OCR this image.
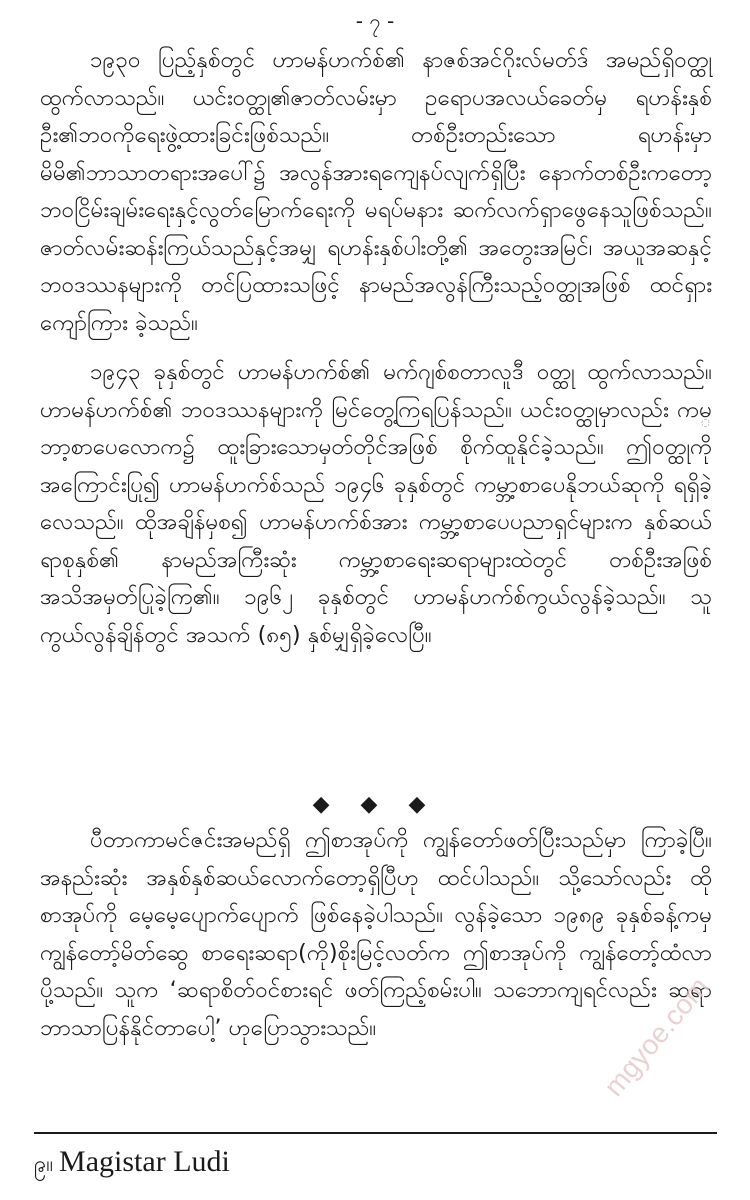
- ၇ -

၁၉၃၀ ပြည့်နှစ်တွင် ဟာမန်ဟက်စ်၏ နာဇစ်အင်ဂိုးလ်မတ်ဒ် အမည်ရှိဝတ္ထု ထွက်လာသည်။ ယင်းဝတ္ထု၏ဇာတ်လမ်းမှာ ဥရောပအလယ်ခေတ်မှ ရဟန်းနှစ်ဦး၏ဘဝကိုရေးဖွဲ့ထားခြင်းဖြစ်သည်။ တစ်ဦးတည်းသော ရဟန်းမှာ မိမိ၏ဘာသာတရားအပေါ်၌ အလွန်အားရကျေနပ်လျက်ရှိပြီး နောက်တစ်ဦးကတော့ ဘဝငြိမ်းချမ်းရေးနှင့်လွတ်မြောက်ရေးကို မရပ်မနား ဆက်လက်ရှာဖွေနေသူဖြစ်သည်။ ဇာတ်လမ်းဆန်းကြယ်သည်နှင့်အမျှ ရဟန်းနှစ်ပါးတို့၏ အတွေးအမြင်၊ အယူအဆနှင့် ဘဝဒဿနများကို တင်ပြထားသဖြင့် နာမည်အလွန်ကြီးသည့်ဝတ္ထုအဖြစ် ထင်ရှားကျော်ကြား ခဲ့သည်။

၁၉၄၃ ခုနှစ်တွင် ဟာမန်ဟက်စ်၏ မက်ဂျစ်စတာလူဒီ ဝတ္ထု ထွက်လာသည်။ ဟာမန်ဟက်စ်၏ ဘဝဒဿနများကို မြင်တွေ့ကြရပြန်သည်။ ယင်းဝတ္ထုမှာလည်း ကမ္ဘာ့စာပေလောက၌ ထူးခြားသောမှတ်တိုင်အဖြစ် စိုက်ထူနိုင်ခဲ့သည်။ ဤဝတ္ထုကိုအကြောင်းပြု၍ ဟာမန်ဟက်စ်သည် ၁၉၄၆ ခုနှစ်တွင် ကမ္ဘာ့စာပေနိုဘယ်ဆုကို ရရှိခဲ့လေသည်။ ထိုအချိန်မှစ၍ ဟာမန်ဟက်စ်အား ကမ္ဘာ့စာပေပညာရှင်များက နှစ်ဆယ်ရာစုနှစ်၏ နာမည်အကြီးဆုံး ကမ္ဘာ့စာရေးဆရာများထဲတွင် တစ်ဦးအဖြစ် အသိအမှတ်ပြုခဲ့ကြ၏။ ၁၉၆၂ ခုနှစ်တွင် ဟာမန်ဟက်စ်ကွယ်လွန်ခဲ့သည်။ သူ ကွယ်လွန်ချိန်တွင် အသက် (၈၅) နှစ်မျှရှိခဲ့လေပြီ။

◆ ◆ ◆

ပီတာကာမင်ဇင်းအမည်ရှိ ဤစာအုပ်ကို ကျွန်တော်ဖတ်ပြီးသည်မှာ ကြာခဲ့ပြီ။ အနည်းဆုံး အနှစ်နှစ်ဆယ်လောက်တော့ရှိပြီဟု ထင်ပါသည်။ သို့သော်လည်း ထိုစာအုပ်ကို မေ့မေ့ပျောက်ပျောက် ဖြစ်နေခဲ့ပါသည်။ လွန်ခဲ့သော ၁၉၈၉ ခုနှစ်ခန့်ကမှ ကျွန်တော့်မိတ်ဆွေ စာရေးဆရာ(ကို)စိုးမြင့်လတ်က ဤစာအုပ်ကို ကျွန်တော့်ထံလာပို့သည်။ သူက ‘ဆရာစိတ်ဝင်စားရင် ဖတ်ကြည့်စမ်းပါ။ သဘောကျရင်လည်း ဆရာ ဘာသာပြန်နိုင်တာပေါ့’ ဟုပြောသွားသည်။

၉။ Magistar Ludi
mgyoe.com
